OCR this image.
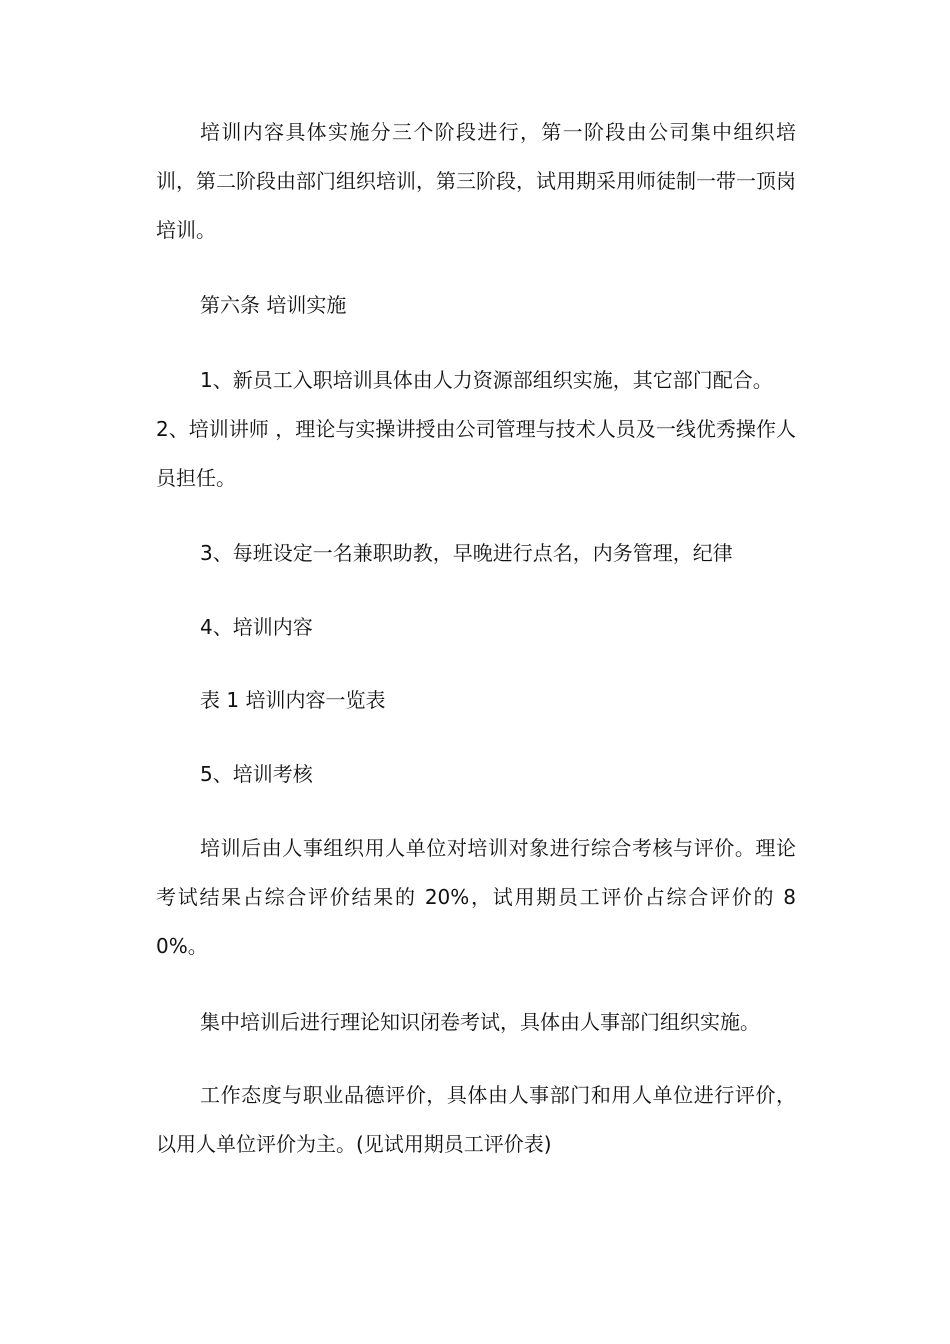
培训内容具体实施分三个阶段进行，第一阶段由公司集中组织培训，第二阶段由部门组织培训，第三阶段，试用期采用师徒制一带一顶岗培训。

第六条 培训实施

1、新员工入职培训具体由人力资源部组织实施，其它部门配合。

2、培训讲师 ，理论与实操讲授由公司管理与技术人员及一线优秀操作人员担任。

3、每班设定一名兼职助教，早晚进行点名，内务管理，纪律

4、培训内容

表 1 培训内容一览表

5、培训考核

培训后由人事组织用人单位对培训对象进行综合考核与评价。理论考试结果占综合评价结果的 20%，试用期员工评价占综合评价的 80%。

集中培训后进行理论知识闭卷考试，具体由人事部门组织实施。

工作态度与职业品德评价，具体由人事部门和用人单位进行评价，以用人单位评价为主。(见试用期员工评价表)
